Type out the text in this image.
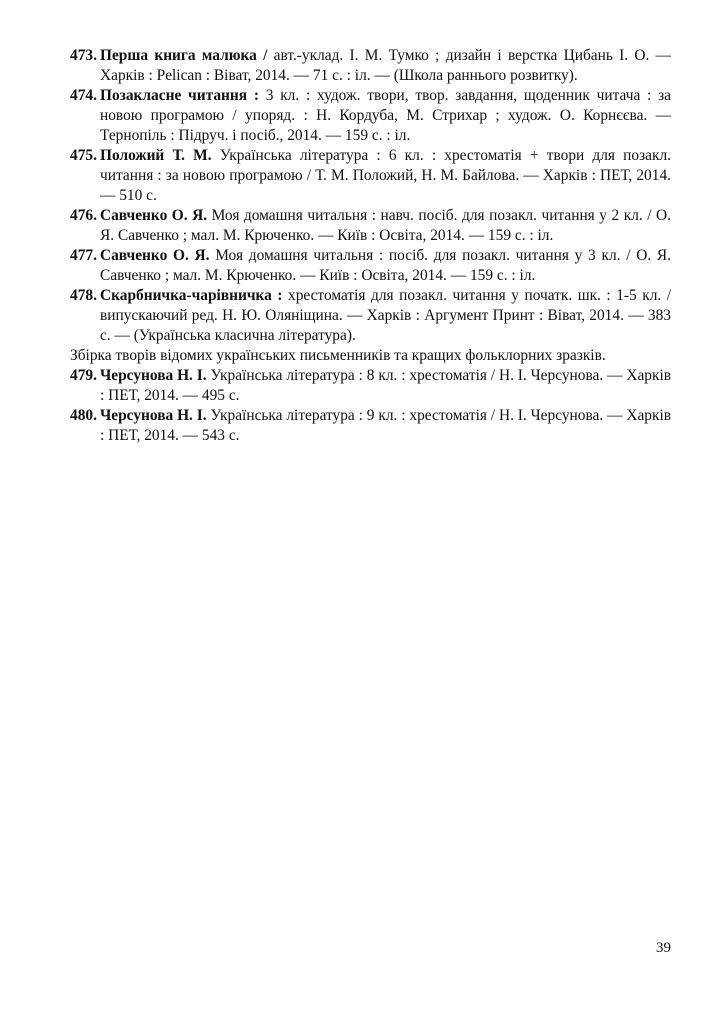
473. Перша книга малюка / авт.-уклад. І. М. Тумко ; дизайн і верстка Цибань І. О. — Харків : Pelican : Віват, 2014. — 71 с. : іл. — (Школа раннього розвитку).

474. Позакласне читання : 3 кл. : худож. твори, твор. завдання, щоденник читача : за новою програмою / упоряд. : Н. Кордуба, М. Стрихар ; худож. О. Корнєєва. — Тернопіль : Підруч. і посіб., 2014. — 159 с. : іл.

475. Положий Т. М. Українська література : 6 кл. : хрестоматія + твори для позакл. читання : за новою програмою / Т. М. Положий, Н. М. Байлова. — Харків : ПЕТ, 2014. — 510 с.

476. Савченко О. Я. Моя домашня читальня : навч. посіб. для позакл. читання у 2 кл. / О. Я. Савченко ; мал. М. Крюченко. — Київ : Освіта, 2014. — 159 с. : іл.

477. Савченко О. Я. Моя домашня читальня : посіб. для позакл. читання у 3 кл. / О. Я. Савченко ; мал. М. Крюченко. — Київ : Освіта, 2014. — 159 с. : іл.

478. Скарбничка-чарівничка : хрестоматія для позакл. читання у початк. шк. : 1-5 кл. / випускаючий ред. Н. Ю. Оляніщина. — Харків : Аргумент Принт : Віват, 2014. — 383 с. — (Українська класична література).

Збірка творів відомих українських письменників та кращих фольклорних зразків.

479. Черсунова Н. І. Українська література : 8 кл. : хрестоматія / Н. І. Черсунова. — Харків : ПЕТ, 2014. — 495 с.

480. Черсунова Н. І. Українська література : 9 кл. : хрестоматія / Н. І. Черсунова. — Харків : ПЕТ, 2014. — 543 с.

39
